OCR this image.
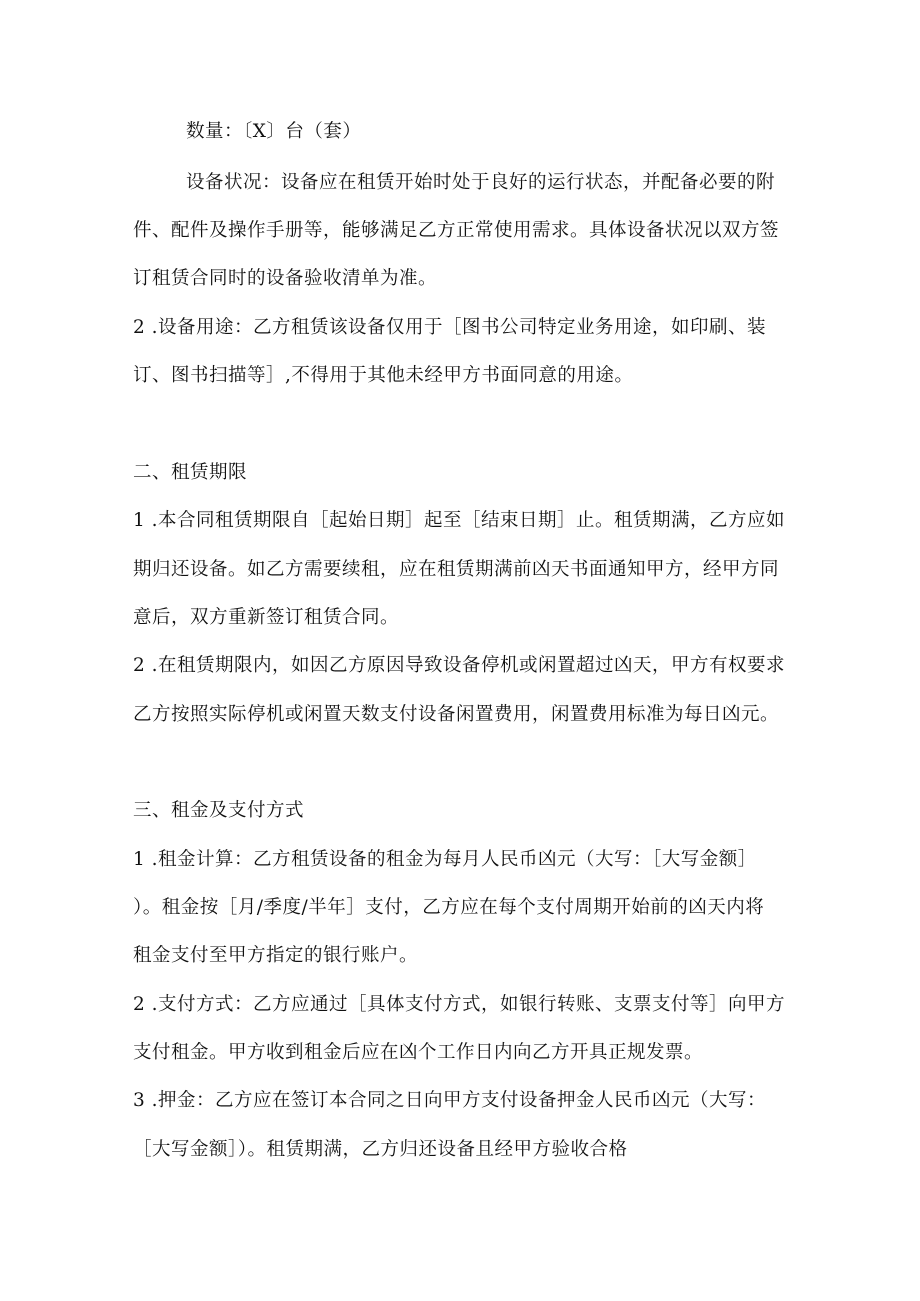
数量：〔X〕台（套）
设备状况：设备应在租赁开始时处于良好的运行状态，并配备必要的附
件、配件及操作手册等，能够满足乙方正常使用需求。具体设备状况以双方签
订租赁合同时的设备验收清单为准。
2 .设备用途：乙方租赁该设备仅用于［图书公司特定业务用途，如印刷、装
订、图书扫描等］,不得用于其他未经甲方书面同意的用途。
二、租赁期限
1 .本合同租赁期限自［起始日期］起至［结束日期］止。租赁期满，乙方应如
期归还设备。如乙方需要续租，应在租赁期满前凶天书面通知甲方，经甲方同
意后，双方重新签订租赁合同。
2 .在租赁期限内，如因乙方原因导致设备停机或闲置超过凶天，甲方有权要求
乙方按照实际停机或闲置天数支付设备闲置费用，闲置费用标准为每日凶元。
三、租金及支付方式
1 .租金计算：乙方租赁设备的租金为每月人民币凶元（大写：［大写金额］
）。租金按［月/季度/半年］支付，乙方应在每个支付周期开始前的凶天内将
租金支付至甲方指定的银行账户。
2 .支付方式：乙方应通过［具体支付方式，如银行转账、支票支付等］向甲方
支付租金。甲方收到租金后应在凶个工作日内向乙方开具正规发票。
3 .押金：乙方应在签订本合同之日向甲方支付设备押金人民币凶元（大写：
［大写金额］）。租赁期满，乙方归还设备且经甲方验收合格
